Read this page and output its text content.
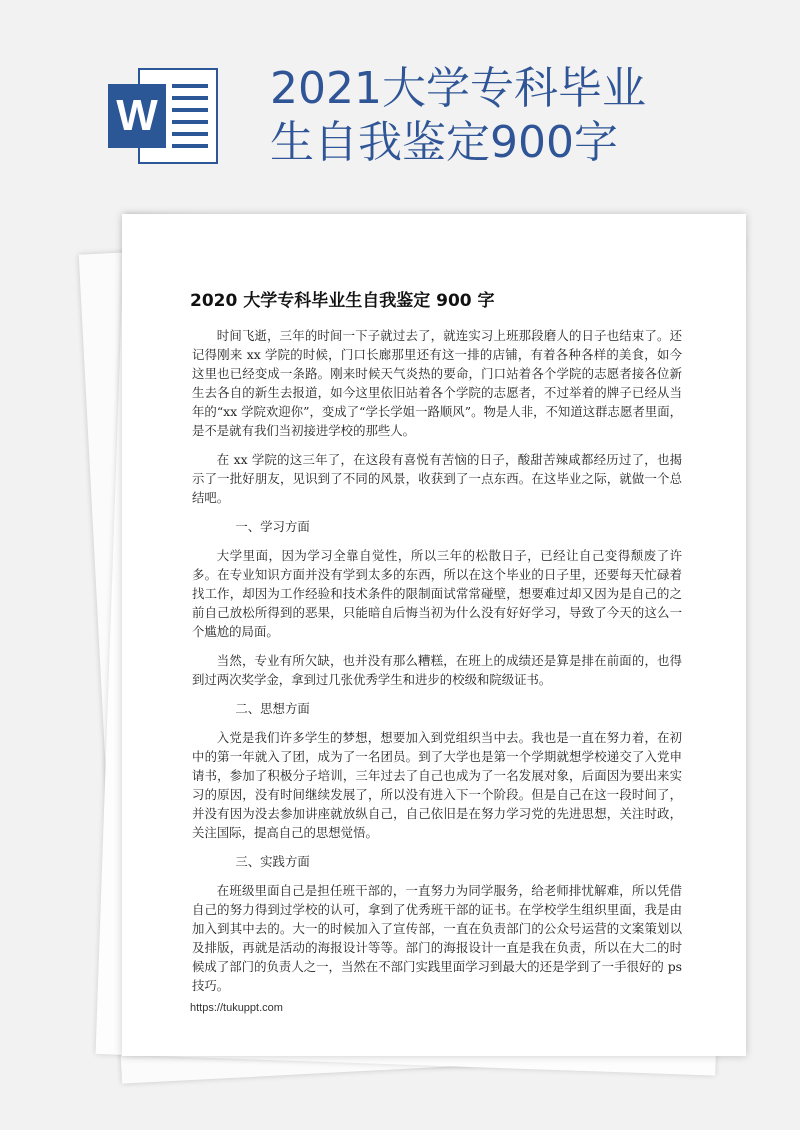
W
2021大学专科毕业
生自我鉴定900字
2020 大学专科毕业生自我鉴定 900 字

时间飞逝，三年的时间一下子就过去了，就连实习上班那段磨人的日子也结束了。还记得刚来 xx 学院的时候，门口长廊那里还有这一排的店铺，有着各种各样的美食，如今这里也已经变成一条路。刚来时候天气炎热的要命，门口站着各个学院的志愿者接各位新生去各自的新生去报道，如今这里依旧站着各个学院的志愿者，不过举着的牌子已经从当年的“xx 学院欢迎你”，变成了“学长学姐一路顺风”。物是人非，不知道这群志愿者里面，是不是就有我们当初接进学校的那些人。

在 xx 学院的这三年了，在这段有喜悦有苦恼的日子，酸甜苦辣咸都经历过了，也揭示了一批好朋友，见识到了不同的风景，收获到了一点东西。在这毕业之际，就做一个总结吧。

一、学习方面

大学里面，因为学习全靠自觉性，所以三年的松散日子，已经让自己变得颓废了许多。在专业知识方面并没有学到太多的东西，所以在这个毕业的日子里，还要每天忙碌着找工作，却因为工作经验和技术条件的限制面试常常碰壁，想要难过却又因为是自己的之前自己放松所得到的恶果，只能暗自后悔当初为什么没有好好学习，导致了今天的这么一个尴尬的局面。

当然，专业有所欠缺，也并没有那么糟糕，在班上的成绩还是算是排在前面的，也得到过两次奖学金，拿到过几张优秀学生和进步的校级和院级证书。

二、思想方面

入党是我们许多学生的梦想，想要加入到党组织当中去。我也是一直在努力着，在初中的第一年就入了团，成为了一名团员。到了大学也是第一个学期就想学校递交了入党申请书，参加了积极分子培训，三年过去了自己也成为了一名发展对象，后面因为要出来实习的原因，没有时间继续发展了，所以没有进入下一个阶段。但是自己在这一段时间了，并没有因为没去参加讲座就放纵自己，自己依旧是在努力学习党的先进思想，关注时政，关注国际，提高自己的思想觉悟。

三、实践方面

在班级里面自己是担任班干部的，一直努力为同学服务，给老师排忧解难，所以凭借自己的努力得到过学校的认可，拿到了优秀班干部的证书。在学校学生组织里面，我是由加入到其中去的。大一的时候加入了宣传部，一直在负责部门的公众号运营的文案策划以及排版，再就是活动的海报设计等等。部门的海报设计一直是我在负责，所以在大二的时候成了部门的负责人之一，当然在不部门实践里面学习到最大的还是学到了一手很好的 ps 技巧。

https://tukuppt.com
